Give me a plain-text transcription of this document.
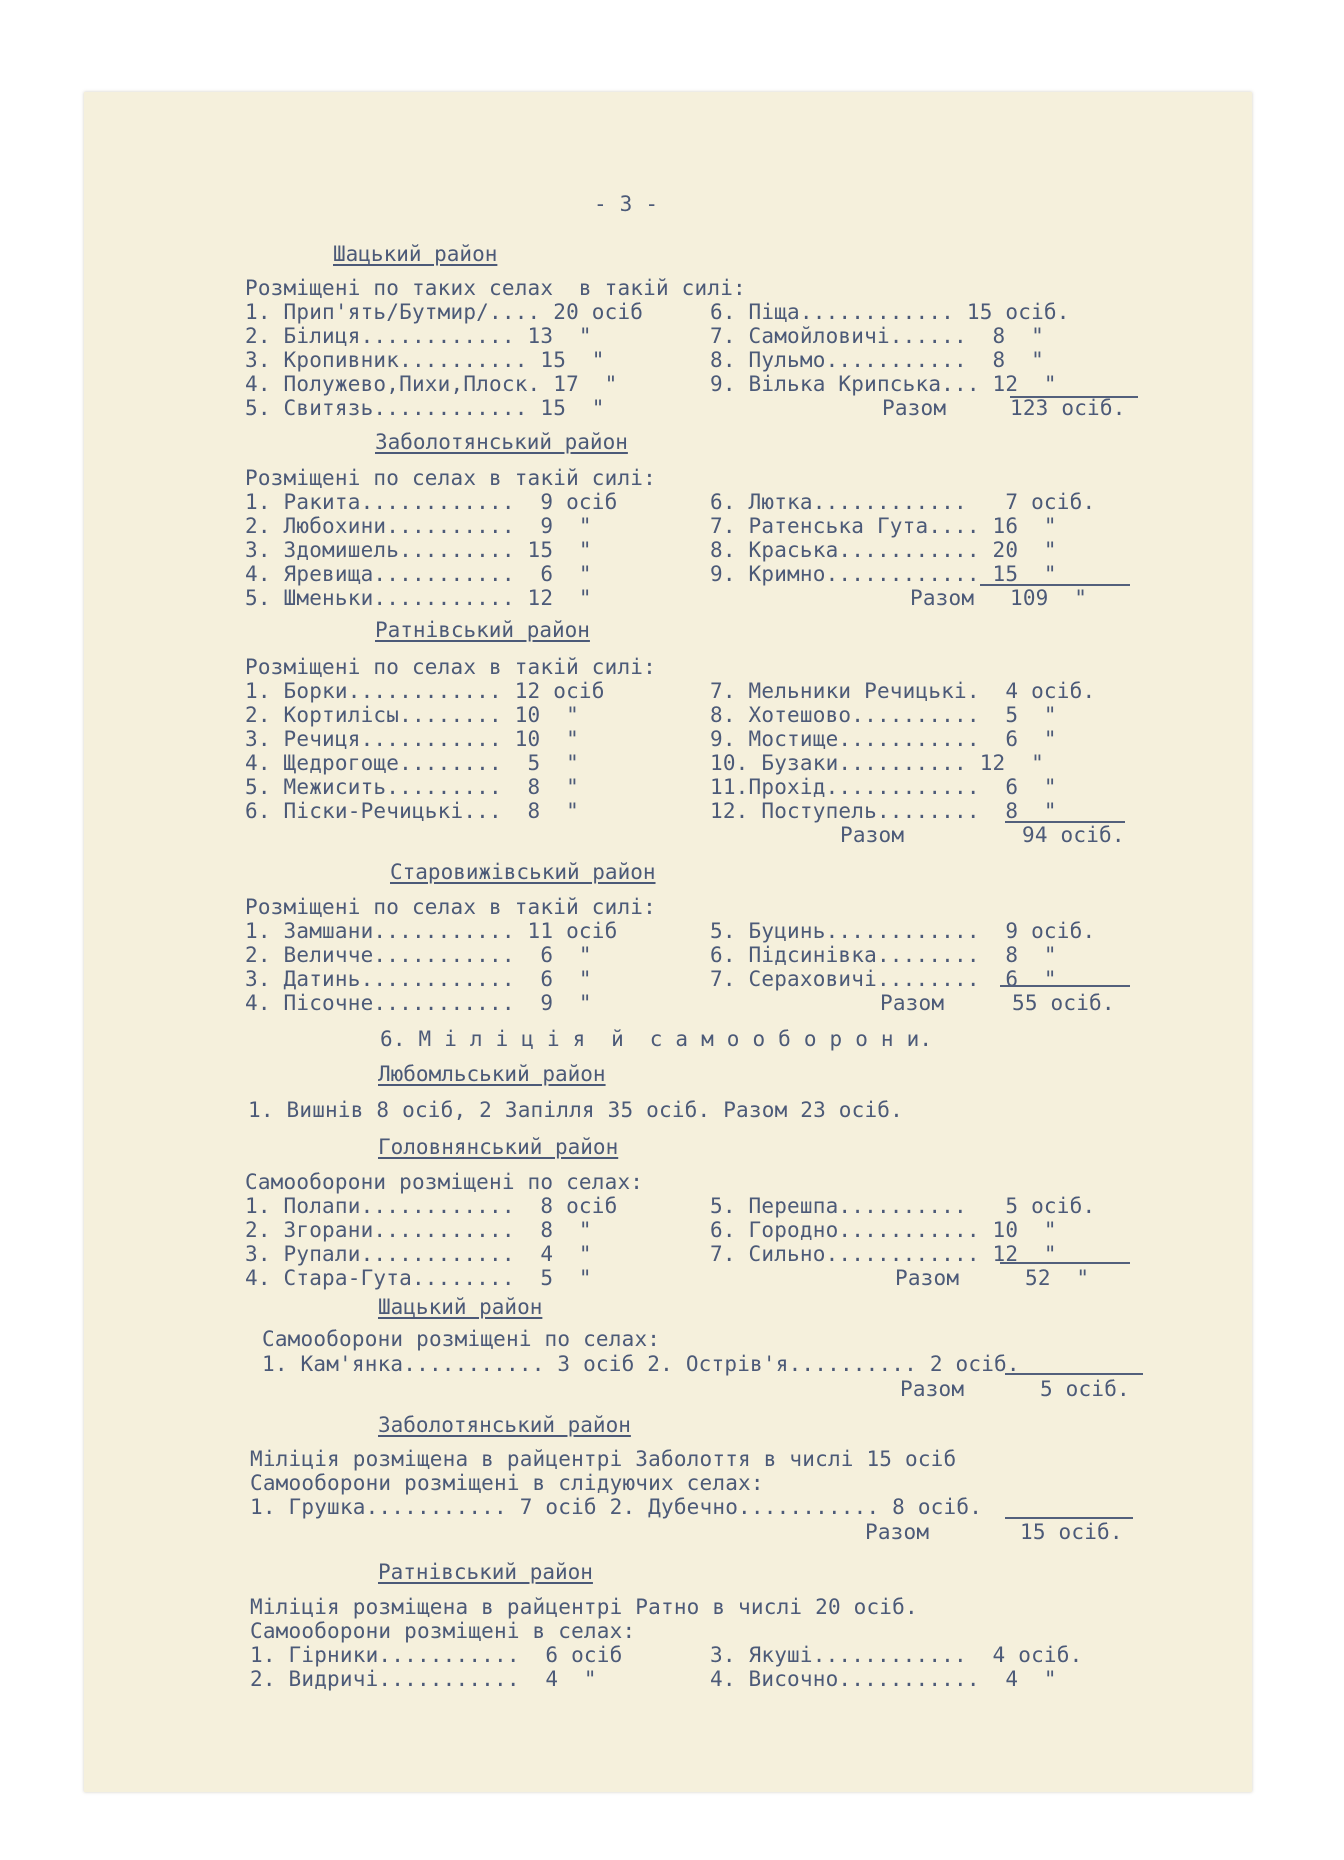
- 3 -
Шацький район
Розміщені по таких селах  в такій силі:
1. Прип'ять/Бутмир/.... 20 осіб
2. Білиця............ 13  "
3. Кропивник.......... 15  "
4. Полужево,Пихи,Плоск. 17  "
5. Свитязь............ 15  "
6. Піща............ 15 осіб.
7. Самойловичі......  8  "
8. Пульмо...........  8  "
9. Вілька Крипська... 12  "
Разом	123 осіб.
Заболотянський район
Розміщені по селах в такій силі:
1. Ракита............  9 осіб
2. Любохини..........  9  "
3. Здомишель......... 15  "
4. Яревища...........  6  "
5. Шменьки........... 12  "
6. Лютка............   7 осіб.
7. Ратенська Гута.... 16  "
8. Краська........... 20  "
9. Кримно............ 15  "
Разом 109  "
Ратнівський район
Розміщені по селах в такій силі:
1. Борки............ 12 осіб
2. Кортилісы........ 10  "
3. Речиця........... 10  "
4. Щедрогоще........  5  "
5. Межисить.........  8  "
6. Піски-Речицькі...  8  "
7. Мельники Речицькі.  4 осіб.
8. Хотешово..........  5  "
9. Мостище...........  6  "
10. Бузаки.......... 12  "
11.Прохід............  6  "
12. Поступель........  8  "
Разом	94 осіб.
Старовижівський район
Розміщені по селах в такій силі:
1. Замшани........... 11 осіб
2. Величче...........  6  "
3. Датинь............  6  "
4. Пісочне...........  9  "
5. Буцинь............  9 осіб.
6. Підсинівка........  8  "
7. Сераховичі........  6  "
Разом	55 осіб.
6. М і л і ц і я  й  с а м о о б о р о н и.
Любомльський район
1. Вишнів 8 осіб, 2 Запілля 35 осіб. Разом 23 осіб.
Головнянський район
Самооборони розміщені по селах:
1. Полапи............  8 осіб
2. Згорани...........  8  "
3. Рупали............  4  "
4. Стара-Гута........  5  "
5. Перешпа..........   5 осіб.
6. Городно........... 10  "
7. Сильно............ 12  "
Разом	52  "
Шацький район
Самооборони розміщені по селах:
1. Кам'янка........... 3 осіб 2. Острів'я.......... 2 осіб.
Разом	5 осіб.
Заболотянський район
Міліція розміщена в райцентрі Заболоття в числі 15 осіб
Самооборони розміщені в слідуючих селах:
1. Грушка........... 7 осіб 2. Дубечно........... 8 осіб.
Разом	15 осіб.
Ратнівський район
Міліція розміщена в райцентрі Ратно в числі 20 осіб.
Самооборони розміщені в селах:
1. Гірники...........  6 осіб
2. Видричі...........  4  "
3. Якуші............  4 осіб.
4. Височно...........  4  "
